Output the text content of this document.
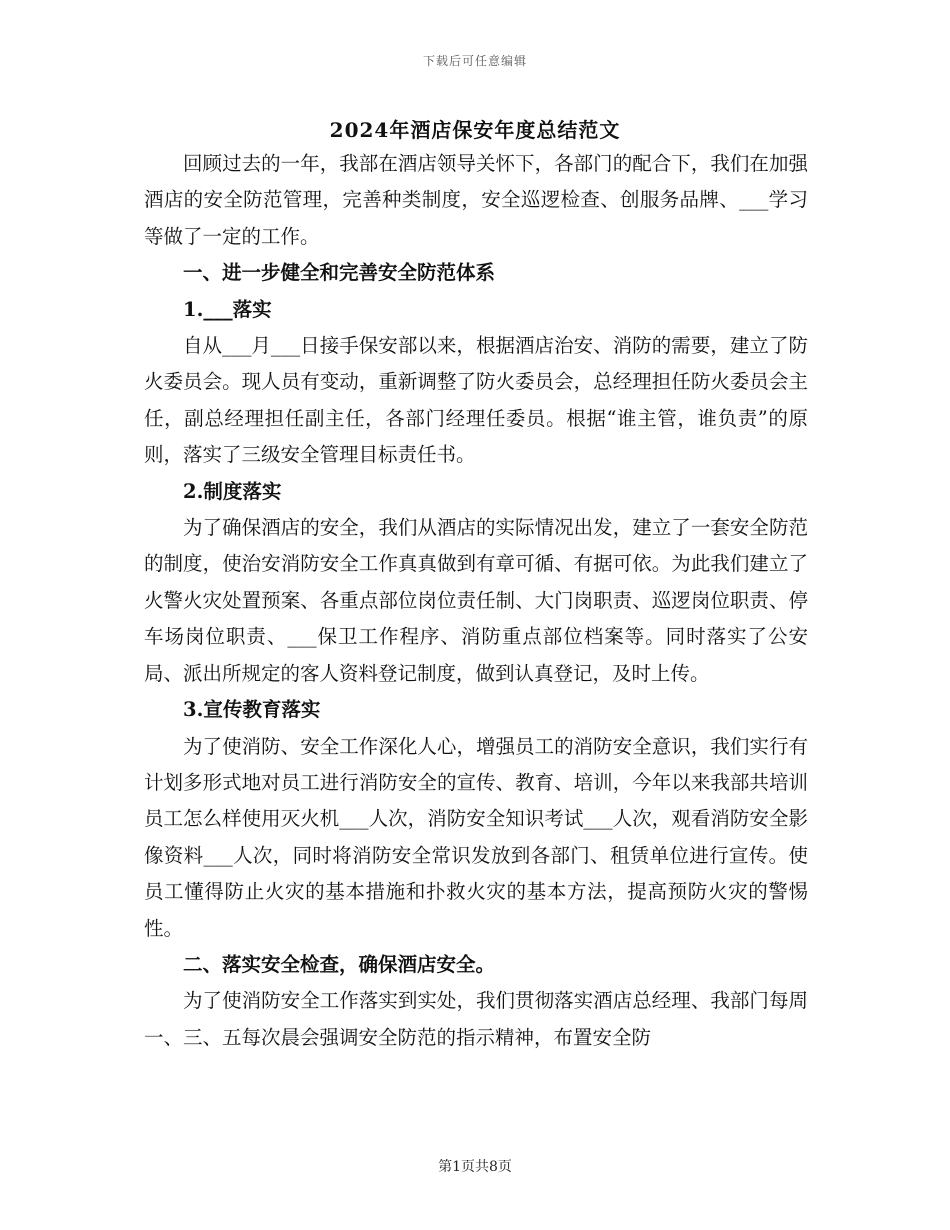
下载后可任意编辑
2024年酒店保安年度总结范文

回顾过去的一年，我部在酒店领导关怀下，各部门的配合下，我们在加强酒店的安全防范管理，完善种类制度，安全巡逻检查、创服务品牌、___学习等做了一定的工作。

一、进一步健全和完善安全防范体系

1.___落实

自从___月___日接手保安部以来，根据酒店治安、消防的需要，建立了防火委员会。现人员有变动，重新调整了防火委员会，总经理担任防火委员会主任，副总经理担任副主任，各部门经理任委员。根据“谁主管，谁负责”的原则，落实了三级安全管理目标责任书。

2.制度落实

为了确保酒店的安全，我们从酒店的实际情况出发，建立了一套安全防范的制度，使治安消防安全工作真真做到有章可循、有据可依。为此我们建立了火警火灾处置预案、各重点部位岗位责任制、大门岗职责、巡逻岗位职责、停车场岗位职责、___保卫工作程序、消防重点部位档案等。同时落实了公安局、派出所规定的客人资料登记制度，做到认真登记，及时上传。

3.宣传教育落实

为了使消防、安全工作深化人心，增强员工的消防安全意识，我们实行有计划多形式地对员工进行消防安全的宣传、教育、培训，今年以来我部共培训员工怎么样使用灭火机___人次，消防安全知识考试___人次，观看消防安全影像资料___人次，同时将消防安全常识发放到各部门、租赁单位进行宣传。使员工懂得防止火灾的基本措施和扑救火灾的基本方法，提高预防火灾的警惕性。

二、落实安全检查，确保酒店安全。

为了使消防安全工作落实到实处，我们贯彻落实酒店总经理、我部门每周一、三、五每次晨会强调安全防范的指示精神，布置安全防

第1页共8页
